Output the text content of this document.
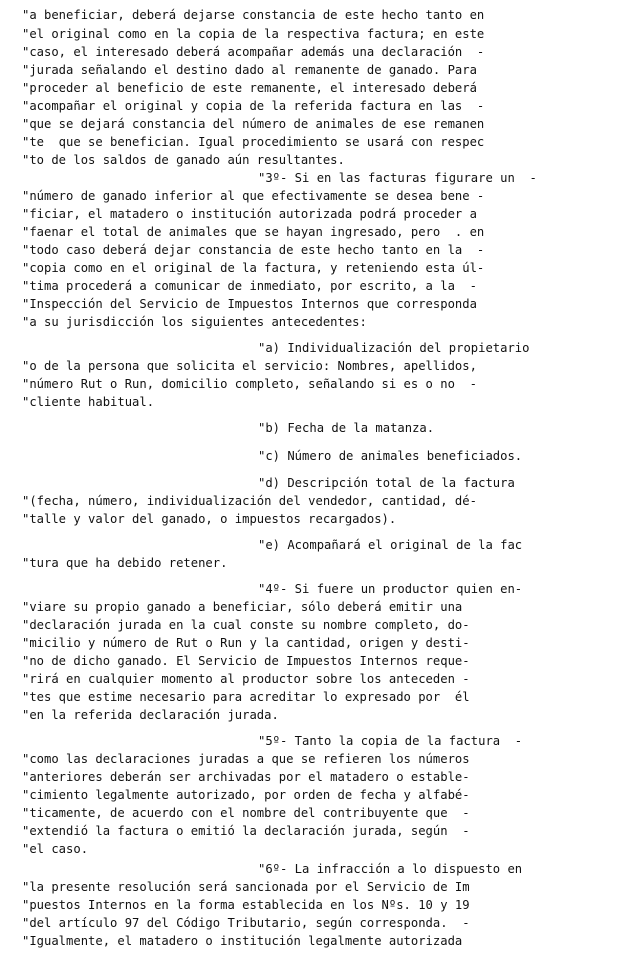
"a beneficiar, deberá dejarse constancia de este hecho tanto en
"el original como en la copia de la respectiva factura; en este
"caso, el interesado deberá acompañar además una declaración  -
"jurada señalando el destino dado al remanente de ganado. Para
"proceder al beneficio de este remanente, el interesado deberá
"acompañar el original y copia de la referida factura en las  -
"que se dejará constancia del número de animales de ese remanen
"te  que se benefician. Igual procedimiento se usará con respec
"to de los saldos de ganado aún resultantes.
"3º- Si en las facturas figurare un  -
"número de ganado inferior al que efectivamente se desea bene -
"ficiar, el matadero o institución autorizada podrá proceder a
"faenar el total de animales que se hayan ingresado, pero  . en
"todo caso deberá dejar constancia de este hecho tanto en la  -
"copia como en el original de la factura, y reteniendo esta úl-
"tima procederá a comunicar de inmediato, por escrito, a la  -
"Inspección del Servicio de Impuestos Internos que corresponda
"a su jurisdicción los siguientes antecedentes:
"a) Individualización del propietario
"o de la persona que solicita el servicio: Nombres, apellidos,
"número Rut o Run, domicilio completo, señalando si es o no  -
"cliente habitual.
"b) Fecha de la matanza.
"c) Número de animales beneficiados.
"d) Descripción total de la factura
"(fecha, número, individualización del vendedor, cantidad, dé-
"talle y valor del ganado, o impuestos recargados).
"e) Acompañará el original de la fac
"tura que ha debido retener.
"4º- Si fuere un productor quien en-
"viare su propio ganado a beneficiar, sólo deberá emitir una
"declaración jurada en la cual conste su nombre completo, do-
"micilio y número de Rut o Run y la cantidad, origen y desti-
"no de dicho ganado. El Servicio de Impuestos Internos reque-
"rirá en cualquier momento al productor sobre los anteceden -
"tes que estime necesario para acreditar lo expresado por  él
"en la referida declaración jurada.
"5º- Tanto la copia de la factura  -
"como las declaraciones juradas a que se refieren los números
"anteriores deberán ser archivadas por el matadero o estable-
"cimiento legalmente autorizado, por orden de fecha y alfabé-
"ticamente, de acuerdo con el nombre del contribuyente que  -
"extendió la factura o emitió la declaración jurada, según  -
"el caso.
"6º- La infracción a lo dispuesto en
"la presente resolución será sancionada por el Servicio de Im
"puestos Internos en la forma establecida en los Nºs. 10 y 19
"del artículo 97 del Código Tributario, según corresponda.  -
"Igualmente, el matadero o institución legalmente autorizada
